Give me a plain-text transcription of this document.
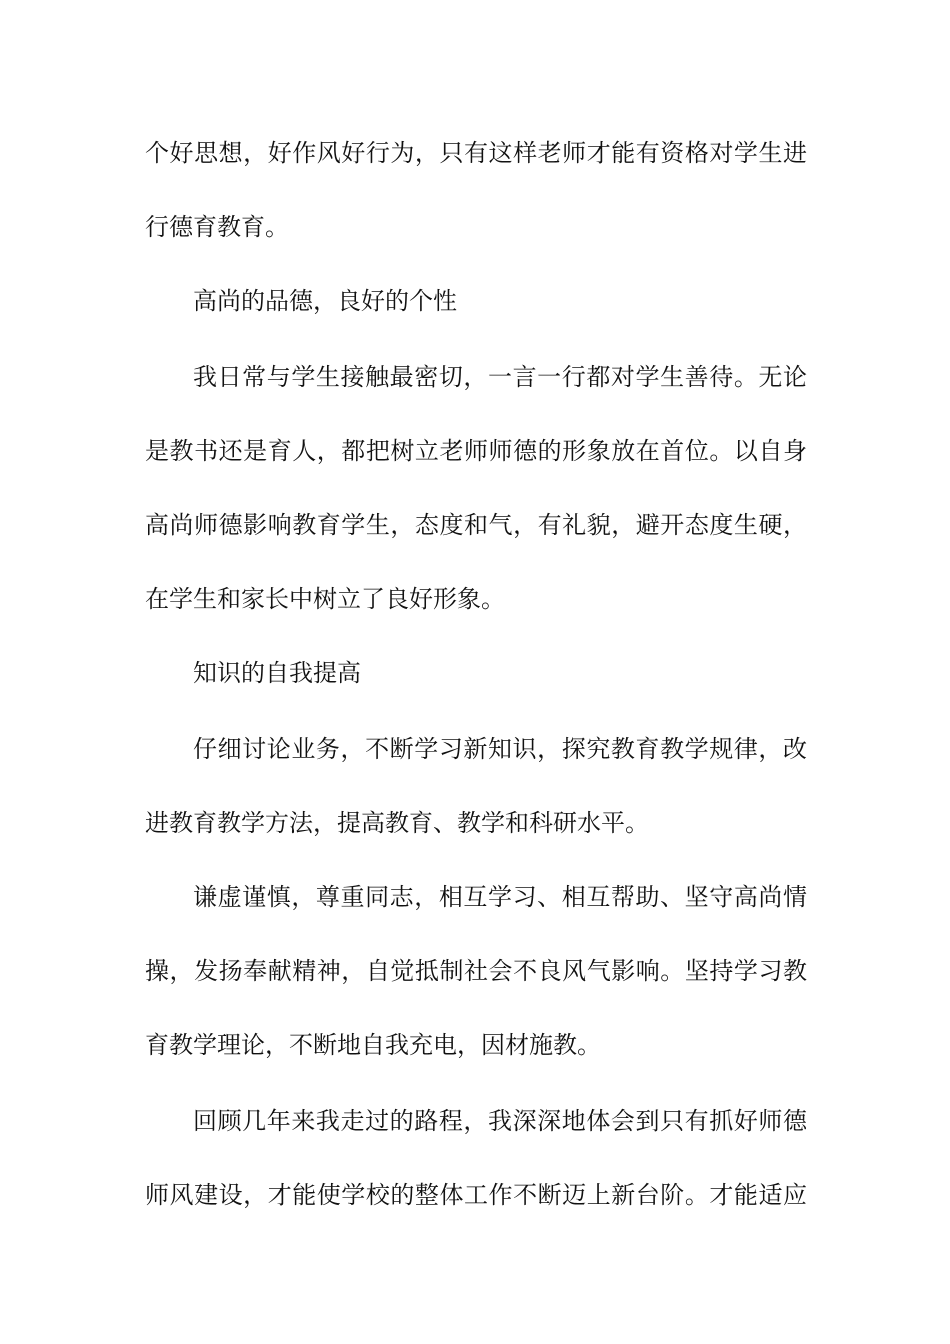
个好思想，好作风好行为，只有这样老师才能有资格对学生进
行德育教育。
高尚的品德，良好的个性
我日常与学生接触最密切，一言一行都对学生善待。无论
是教书还是育人，都把树立老师师德的形象放在首位。以自身
高尚师德影响教育学生，态度和气，有礼貌，避开态度生硬，
在学生和家长中树立了良好形象。
知识的自我提高
仔细讨论业务，不断学习新知识，探究教育教学规律，改
进教育教学方法，提高教育、教学和科研水平。
谦虚谨慎，尊重同志，相互学习、相互帮助、坚守高尚情
操，发扬奉献精神，自觉抵制社会不良风气影响。坚持学习教
育教学理论，不断地自我充电，因材施教。
回顾几年来我走过的路程，我深深地体会到只有抓好师德
师风建设，才能使学校的整体工作不断迈上新台阶。才能适应
